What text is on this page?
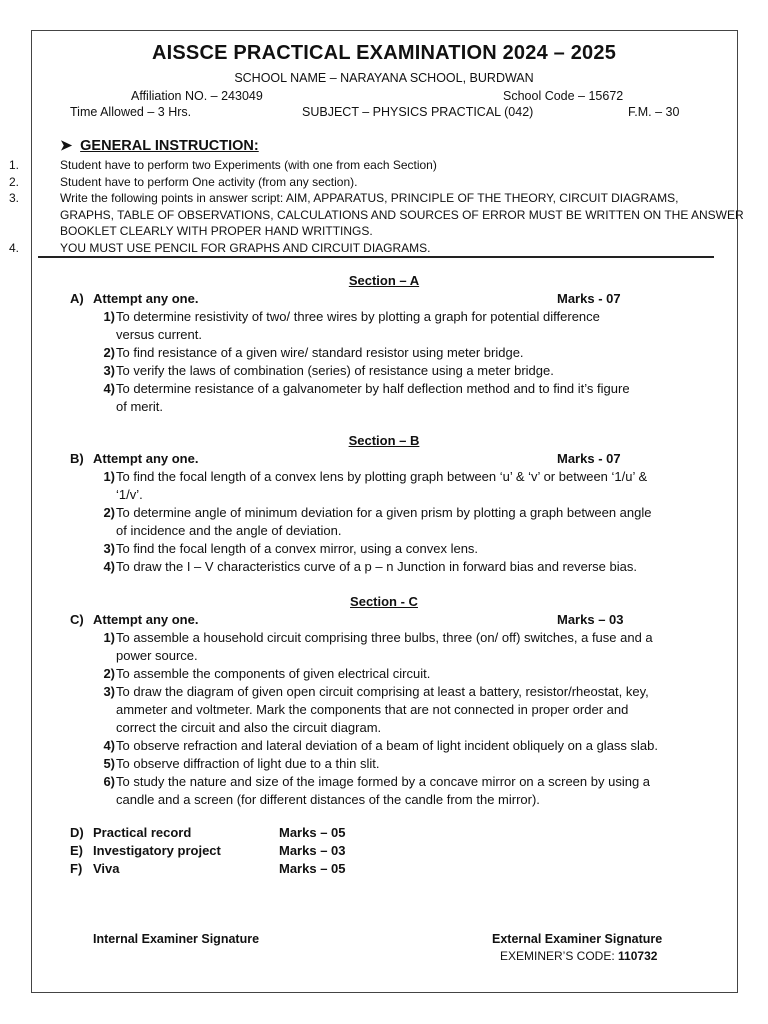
AISSCE PRACTICAL EXAMINATION 2024 – 2025
SCHOOL NAME – NARAYANA SCHOOL, BURDWAN
Affiliation NO. – 243049	School Code – 15672
Time Allowed – 3 Hrs.	SUBJECT – PHYSICS PRACTICAL (042)	F.M. – 30
➤ GENERAL INSTRUCTION:
1.	Student have to perform two Experiments (with one from each Section)
2.	Student have to perform One activity (from any section).
3.	Write the following points in answer script: AIM, APPARATUS, PRINCIPLE OF THE THEORY, CIRCUIT DIAGRAMS,
GRAPHS, TABLE OF OBSERVATIONS, CALCULATIONS AND SOURCES OF ERROR MUST BE WRITTEN ON THE ANSWER
BOOKLET CLEARLY WITH PROPER HAND WRITTINGS.
4.	YOU MUST USE PENCIL FOR GRAPHS AND CIRCUIT DIAGRAMS.
Section – A
A) Attempt any one.	Marks - 07
1) To determine resistivity of two/ three wires by plotting a graph for potential difference
versus current.
2) To find resistance of a given wire/ standard resistor using meter bridge.
3) To verify the laws of combination (series) of resistance using a meter bridge.
4) To determine resistance of a galvanometer by half deflection method and to find it’s figure
of merit.
Section – B
B) Attempt any one.	Marks - 07
1) To find the focal length of a convex lens by plotting graph between ‘u’ & ‘v’ or between ‘1/u’ &
‘1/v’.
2) To determine angle of minimum deviation for a given prism by plotting a graph between angle
of incidence and the angle of deviation.
3) To find the focal length of a convex mirror, using a convex lens.
4) To draw the I – V characteristics curve of a p – n Junction in forward bias and reverse bias.
Section - C
C) Attempt any one.	Marks – 03
1) To assemble a household circuit comprising three bulbs, three (on/ off) switches, a fuse and a
power source.
2) To assemble the components of given electrical circuit.
3) To draw the diagram of given open circuit comprising at least a battery, resistor/rheostat, key,
ammeter and voltmeter. Mark the components that are not connected in proper order and
correct the circuit and also the circuit diagram.
4) To observe refraction and lateral deviation of a beam of light incident obliquely on a glass slab.
5) To observe diffraction of light due to a thin slit.
6) To study the nature and size of the image formed by a concave mirror on a screen by using a
candle and a screen (for different distances of the candle from the mirror).
D) Practical record	Marks – 05
E) Investigatory project	Marks – 03
F) Viva	Marks – 05
Internal Examiner Signature	External Examiner Signature
EXEMINER’S CODE: 110732
